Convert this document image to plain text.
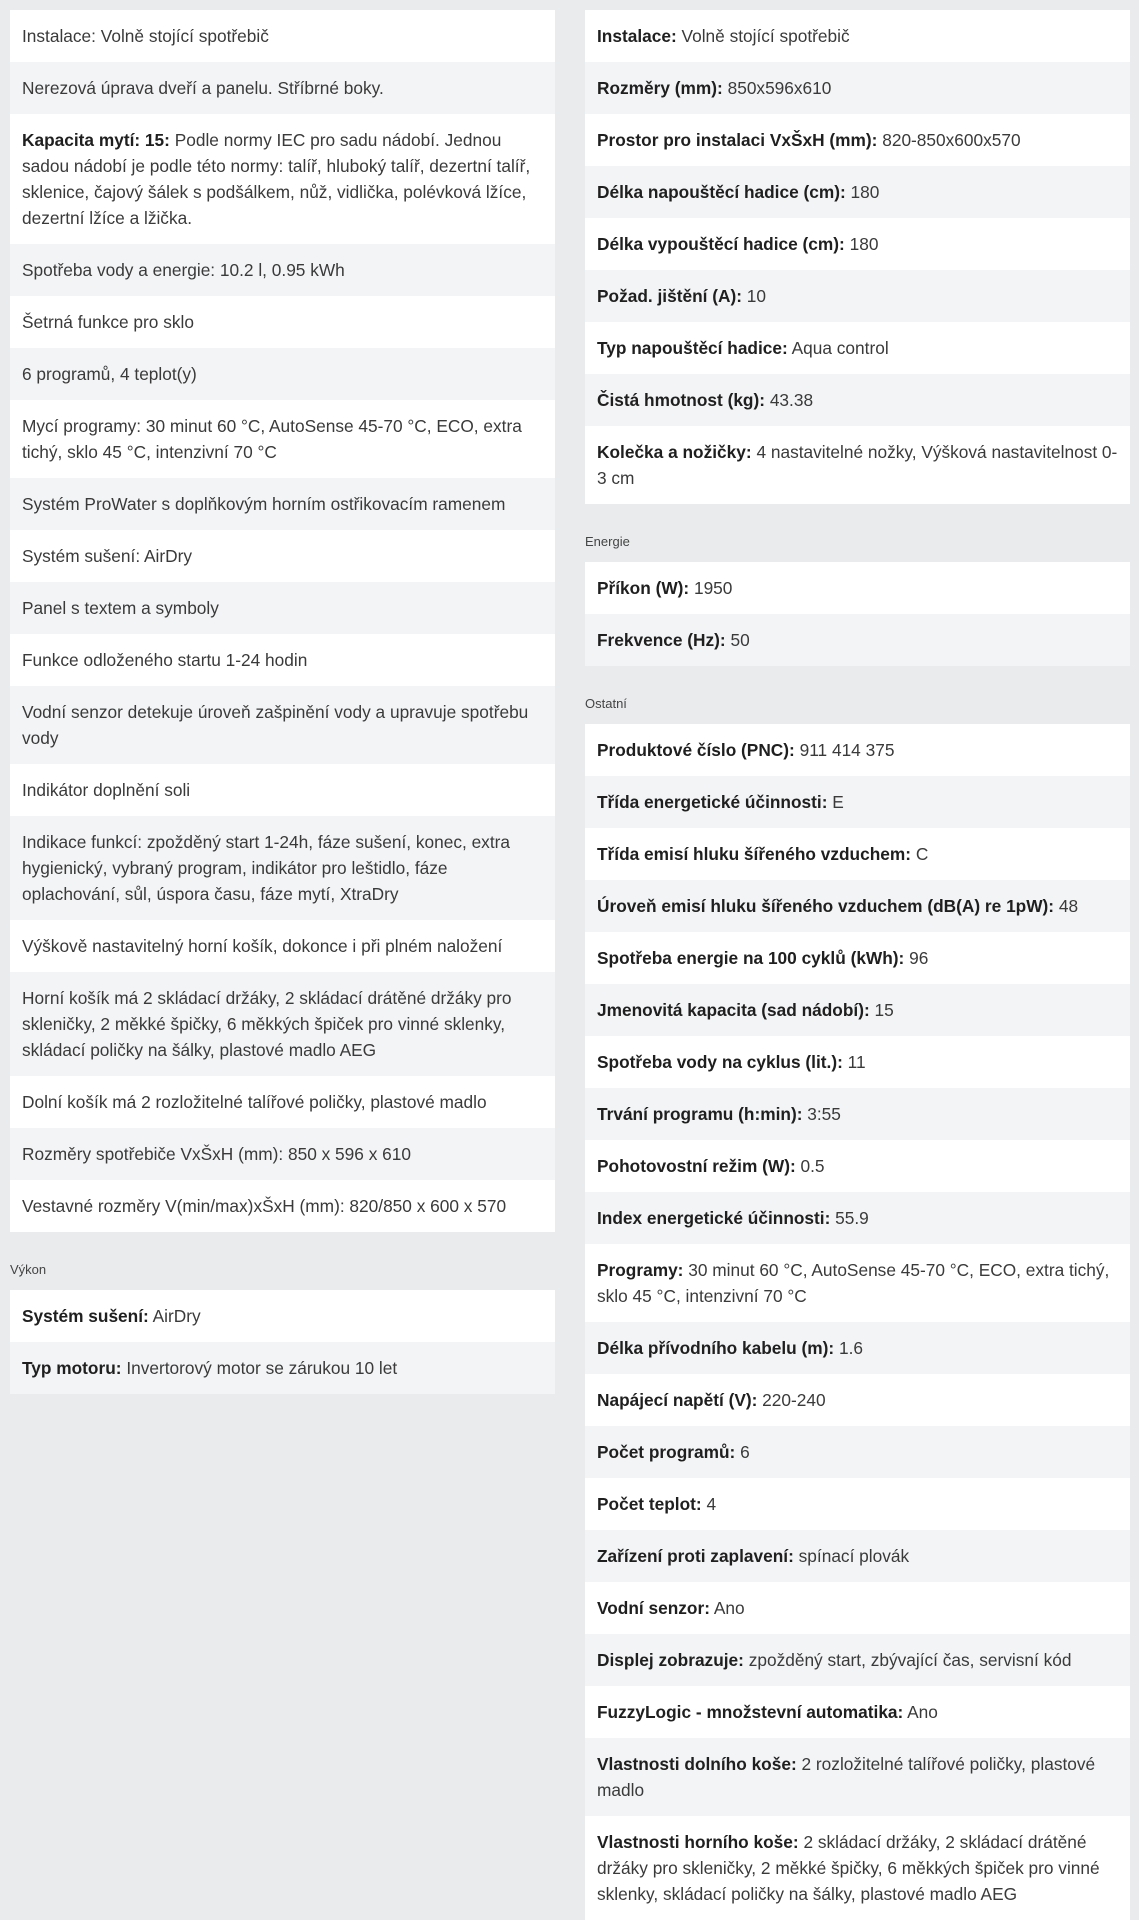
Instalace: Volně stojící spotřebič
Nerezová úprava dveří a panelu. Stříbrné boky.
Kapacita mytí: 15: Podle normy IEC pro sadu nádobí. Jednou sadou nádobí je podle této normy: talíř, hluboký talíř, dezertní talíř, sklenice, čajový šálek s podšálkem, nůž, vidlička, polévková lžíce, dezertní lžíce a lžička.
Spotřeba vody a energie: 10.2 l, 0.95 kWh
Šetrná funkce pro sklo
6 programů, 4 teplot(y)
Mycí programy: 30 minut 60 °C, AutoSense 45-70 °C, ECO, extra tichý, sklo 45 °C, intenzivní 70 °C
Systém ProWater s doplňkovým horním ostřikovacím ramenem
Systém sušení: AirDry
Panel s textem a symboly
Funkce odloženého startu 1-24 hodin
Vodní senzor detekuje úroveň zašpinění vody a upravuje spotřebu vody
Indikátor doplnění soli
Indikace funkcí: zpožděný start 1-24h, fáze sušení, konec, extra hygienický, vybraný program, indikátor pro leštidlo, fáze oplachování, sůl, úspora času, fáze mytí, XtraDry
Výškově nastavitelný horní košík, dokonce i při plném naložení
Horní košík má 2 skládací držáky, 2 skládací drátěné držáky pro skleničky, 2 měkké špičky, 6 měkkých špiček pro vinné sklenky, skládací poličky na šálky, plastové madlo AEG
Dolní košík má 2 rozložitelné talířové poličky, plastové madlo
Rozměry spotřebiče VxŠxH (mm): 850 x 596 x 610
Vestavné rozměry V(min/max)xŠxH (mm): 820/850 x 600 x 570
Výkon
Systém sušení: AirDry
Typ motoru: Invertorový motor se zárukou 10 let
Instalace: Volně stojící spotřebič
Rozměry (mm): 850x596x610
Prostor pro instalaci VxŠxH (mm): 820-850x600x570
Délka napouštěcí hadice (cm): 180
Délka vypouštěcí hadice (cm): 180
Požad. jištění (A): 10
Typ napouštěcí hadice: Aqua control
Čistá hmotnost (kg): 43.38
Kolečka a nožičky: 4 nastavitelné nožky, Výšková nastavitelnost 0-3 cm
Energie
Příkon (W): 1950
Frekvence (Hz): 50
Ostatní
Produktové číslo (PNC): 911 414 375
Třída energetické účinnosti: E
Třída emisí hluku šířeného vzduchem: C
Úroveň emisí hluku šířeného vzduchem (dB(A) re 1pW): 48
Spotřeba energie na 100 cyklů (kWh): 96
Jmenovitá kapacita (sad nádobí): 15
Spotřeba vody na cyklus (lit.): 11
Trvání programu (h:min): 3:55
Pohotovostní režim (W): 0.5
Index energetické účinnosti: 55.9
Programy: 30 minut 60 °C, AutoSense 45-70 °C, ECO, extra tichý, sklo 45 °C, intenzivní 70 °C
Délka přívodního kabelu (m): 1.6
Napájecí napětí (V): 220-240
Počet programů: 6
Počet teplot: 4
Zařízení proti zaplavení: spínací plovák
Vodní senzor: Ano
Displej zobrazuje: zpožděný start, zbývající čas, servisní kód
FuzzyLogic - množstevní automatika: Ano
Vlastnosti dolního koše: 2 rozložitelné talířové poličky, plastové madlo
Vlastnosti horního koše: 2 skládací držáky, 2 skládací drátěné držáky pro skleničky, 2 měkké špičky, 6 měkkých špiček pro vinné sklenky, skládací poličky na šálky, plastové madlo AEG
